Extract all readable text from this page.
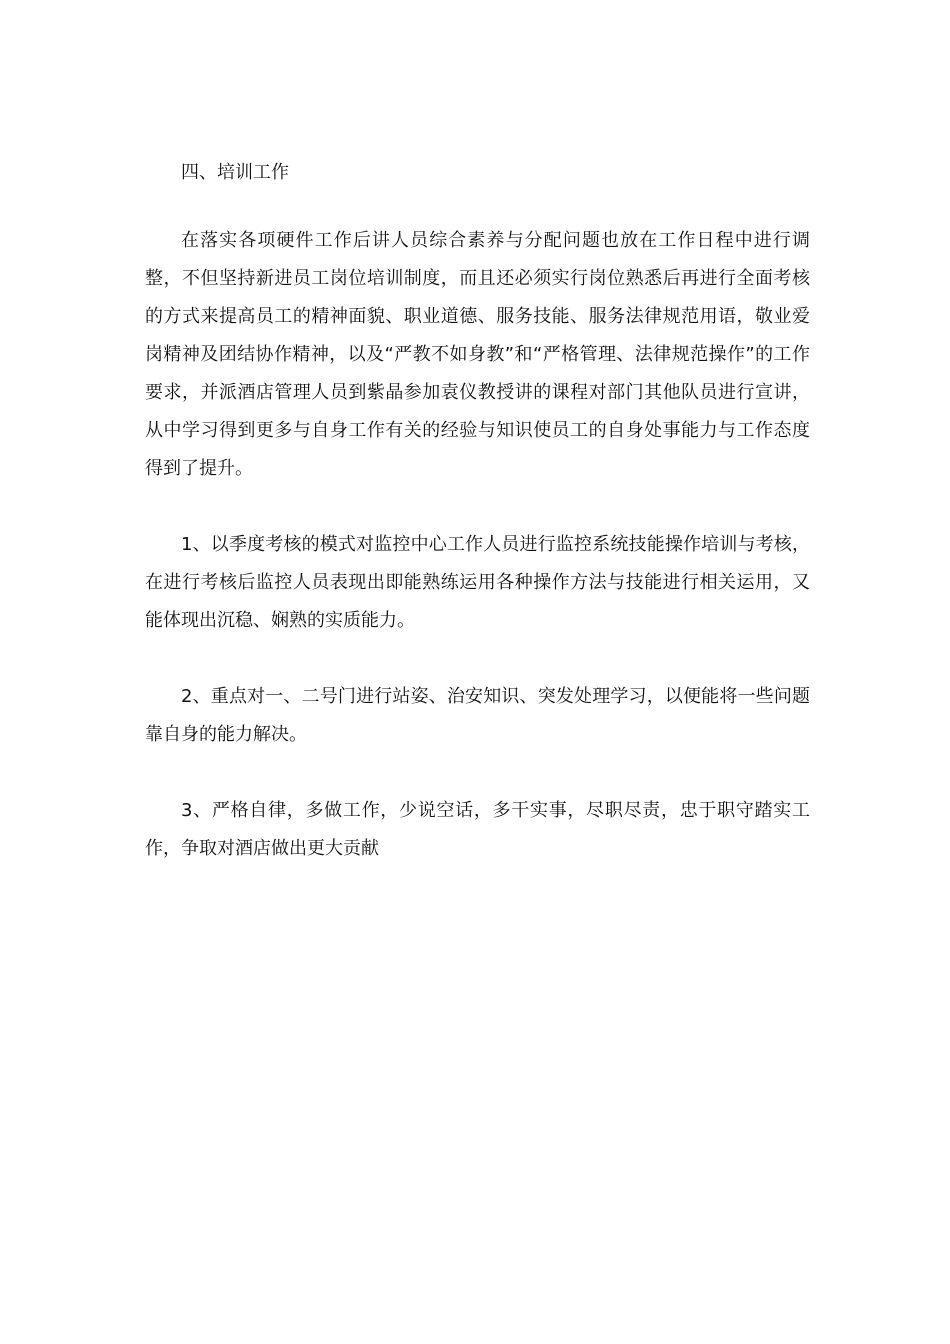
四、培训工作

在落实各项硬件工作后讲人员综合素养与分配问题也放在工作日程中进行调整，不但坚持新进员工岗位培训制度，而且还必须实行岗位熟悉后再进行全面考核的方式来提高员工的精神面貌、职业道德、服务技能、服务法律规范用语，敬业爱岗精神及团结协作精神，以及“严教不如身教”和“严格管理、法律规范操作”的工作要求，并派酒店管理人员到紫晶参加袁仪教授讲的课程对部门其他队员进行宣讲，从中学习得到更多与自身工作有关的经验与知识使员工的自身处事能力与工作态度得到了提升。

1、以季度考核的模式对监控中心工作人员进行监控系统技能操作培训与考核，在进行考核后监控人员表现出即能熟练运用各种操作方法与技能进行相关运用，又能体现出沉稳、娴熟的实质能力。

2、重点对一、二号门进行站姿、治安知识、突发处理学习，以便能将一些问题靠自身的能力解决。

3、严格自律，多做工作，少说空话，多干实事，尽职尽责，忠于职守踏实工作，争取对酒店做出更大贡献
